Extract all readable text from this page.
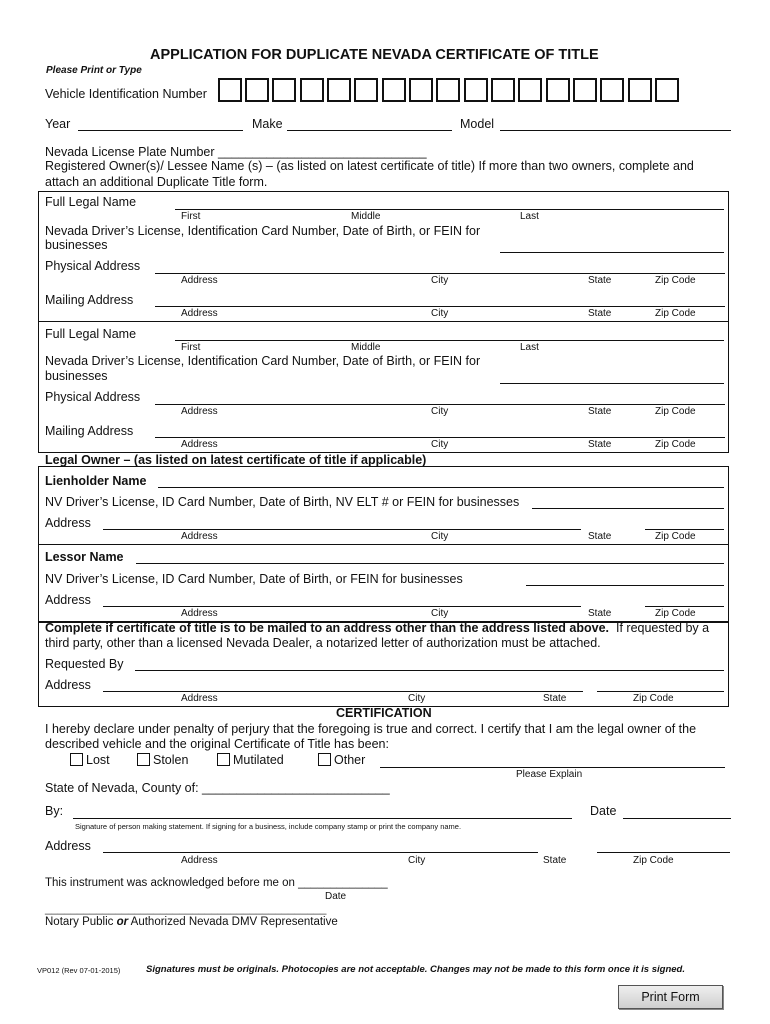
APPLICATION FOR DUPLICATE NEVADA CERTIFICATE OF TITLE
Please Print or Type
Vehicle Identification Number
Year	Make	Model
Nevada License Plate Number ______________________________
Registered Owner(s)/ Lessee Name (s) – (as listed on latest certificate of title) If more than two owners, complete and
attach an additional Duplicate Title form.
Full Legal Name
First	Middle	Last
Nevada Driver’s License, Identification Card Number, Date of Birth, or FEIN for
businesses
Physical Address
Address	City	State	Zip Code
Mailing Address
Address	City	State	Zip Code
Full Legal Name
First	Middle	Last
Nevada Driver’s License, Identification Card Number, Date of Birth, or FEIN for
businesses
Physical Address
Address	City	State	Zip Code
Mailing Address
Address	City	State	Zip Code
Legal Owner – (as listed on latest certificate of title if applicable)
Lienholder Name
NV Driver’s License, ID Card Number, Date of Birth, NV ELT # or FEIN for businesses
Address
Address	City	State	Zip Code
Lessor Name
NV Driver’s License, ID Card Number, Date of Birth, or FEIN for businesses
Address
Address	City	State	Zip Code
Complete if certificate of title is to be mailed to an address other than the address listed above. If requested by a
third party, other than a licensed Nevada Dealer, a notarized letter of authorization must be attached.
Requested By
Address
Address	City	State	Zip Code
CERTIFICATION
I hereby declare under penalty of perjury that the foregoing is true and correct. I certify that I am the legal owner of the
described vehicle and the original Certificate of Title has been:
Lost	Stolen	Mutilated	Other
Please Explain
State of Nevada, County of: ___________________________
By:	Date
Signature of person making statement. If signing for a business, include company stamp or print the company name.
Address
Address	City	State	Zip Code
This instrument was acknowledged before me on ______________
Date
____________________________________________
Notary Public or Authorized Nevada DMV Representative
VP012 (Rev 07-01-2015)	Signatures must be originals. Photocopies are not acceptable. Changes may not be made to this form once it is signed.
Print Form
